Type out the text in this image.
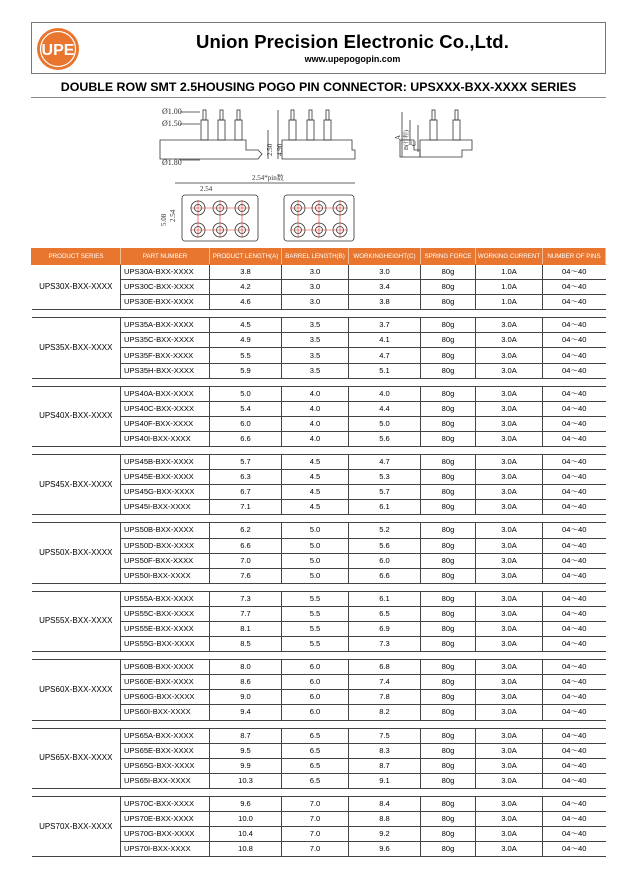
UPE	Union Precision Electronic Co.,Ltd.
www.upepogopin.com
DOUBLE ROW SMT 2.5HOUSING POGO PIN CONNECTOR: UPSXXX-BXX-XXXX SERIES
Ø1.00
Ø1.50
Ø1.80
2.50 4.90
A B(行程) C
2.54*pin数
2.54
5.08 2.54
PRODUCT SERIES	PART NUMBER	PRODUCT LENGTH(A)	BARREL LENGTH(B)	WORKINGHEIGHT(C)	SPRING FORCE	WORKING CURRENT	NUMBER OF PINS
UPS30X-BXX-XXXX	UPS30A-BXX-XXXX	3.8	3.0	3.0	80g	1.0A	04～40
	UPS30C-BXX-XXXX	4.2	3.0	3.4	80g	1.0A	04～40
	UPS30E-BXX-XXXX	4.6	3.0	3.8	80g	1.0A	04～40

UPS35X-BXX-XXXX	UPS35A-BXX-XXXX	4.5	3.5	3.7	80g	3.0A	04～40
	UPS35C-BXX-XXXX	4.9	3.5	4.1	80g	3.0A	04～40
	UPS35F-BXX-XXXX	5.5	3.5	4.7	80g	3.0A	04～40
	UPS35H-BXX-XXXX	5.9	3.5	5.1	80g	3.0A	04～40

UPS40X-BXX-XXXX	UPS40A-BXX-XXXX	5.0	4.0	4.0	80g	3.0A	04～40
	UPS40C-BXX-XXXX	5.4	4.0	4.4	80g	3.0A	04～40
	UPS40F-BXX-XXXX	6.0	4.0	5.0	80g	3.0A	04～40
	UPS40I-BXX-XXXX	6.6	4.0	5.6	80g	3.0A	04～40

UPS45X-BXX-XXXX	UPS45B-BXX-XXXX	5.7	4.5	4.7	80g	3.0A	04～40
	UPS45E-BXX-XXXX	6.3	4.5	5.3	80g	3.0A	04～40
	UPS45G-BXX-XXXX	6.7	4.5	5.7	80g	3.0A	04～40
	UPS45I-BXX-XXXX	7.1	4.5	6.1	80g	3.0A	04～40

UPS50X-BXX-XXXX	UPS50B-BXX-XXXX	6.2	5.0	5.2	80g	3.0A	04～40
	UPS50D-BXX-XXXX	6.6	5.0	5.6	80g	3.0A	04～40
	UPS50F-BXX-XXXX	7.0	5.0	6.0	80g	3.0A	04～40
	UPS50I-BXX-XXXX	7.6	5.0	6.6	80g	3.0A	04～40

UPS55X-BXX-XXXX	UPS55A-BXX-XXXX	7.3	5.5	6.1	80g	3.0A	04～40
	UPS55C-BXX-XXXX	7.7	5.5	6.5	80g	3.0A	04～40
	UPS55E-BXX-XXXX	8.1	5.5	6.9	80g	3.0A	04～40
	UPS55G-BXX-XXXX	8.5	5.5	7.3	80g	3.0A	04～40

UPS60X-BXX-XXXX	UPS60B-BXX-XXXX	8.0	6.0	6.8	80g	3.0A	04～40
	UPS60E-BXX-XXXX	8.6	6.0	7.4	80g	3.0A	04～40
	UPS60G-BXX-XXXX	9.0	6.0	7.8	80g	3.0A	04～40
	UPS60I-BXX-XXXX	9.4	6.0	8.2	80g	3.0A	04～40

UPS65X-BXX-XXXX	UPS65A-BXX-XXXX	8.7	6.5	7.5	80g	3.0A	04～40
	UPS65E-BXX-XXXX	9.5	6.5	8.3	80g	3.0A	04～40
	UPS65G-BXX-XXXX	9.9	6.5	8.7	80g	3.0A	04～40
	UPS65I-BXX-XXXX	10.3	6.5	9.1	80g	3.0A	04～40

UPS70X-BXX-XXXX	UPS70C-BXX-XXXX	9.6	7.0	8.4	80g	3.0A	04～40
	UPS70E-BXX-XXXX	10.0	7.0	8.8	80g	3.0A	04～40
	UPS70G-BXX-XXXX	10.4	7.0	9.2	80g	3.0A	04～40
	UPS70I-BXX-XXXX	10.8	7.0	9.6	80g	3.0A	04～40
